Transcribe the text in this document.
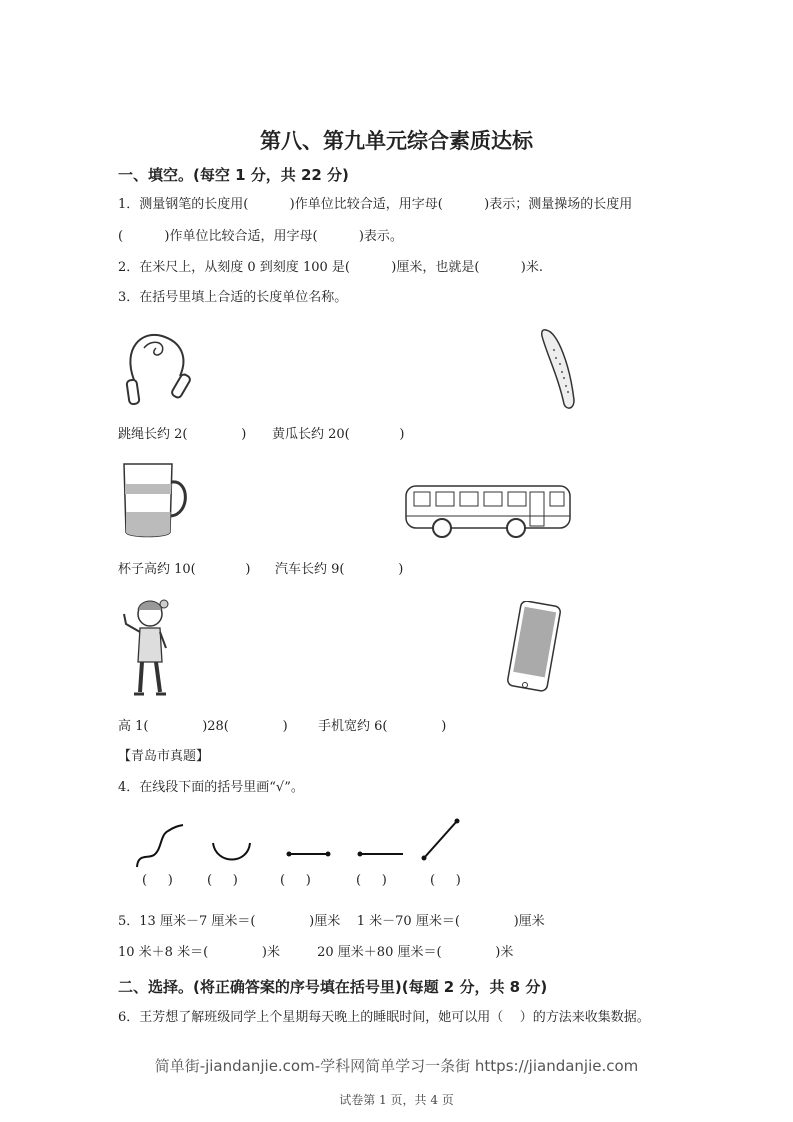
第八、第九单元综合素质达标
一、填空。(每空 1 分，共 22 分)
1．测量钢笔的长度用(          )作单位比较合适，用字母(          )表示；测量操场的长度用
(          )作单位比较合适，用字母(          )表示。
2．在米尺上，从刻度 0 到刻度 100 是(          )厘米，也就是(          )米.
3．在括号里填上合适的长度单位名称。
跳绳长约 2(             ) 黄瓜长约 20(            )
杯子高约 10(            ) 汽车长约 9(             )
高 1(             )28(             ) 手机宽约 6(             )
【青岛市真题】
4．在线段下面的括号里画“√”。
(     )	(     )	(     )	(     )	(     )
5．13 厘米－7 厘米＝(             )厘米    1 米－70 厘米＝(             )厘米
10 米＋8 米＝(             )米         20 厘米＋80 厘米＝(             )米
二、选择。(将正确答案的序号填在括号里)(每题 2 分，共 8 分)
6．王芳想了解班级同学上个星期每天晚上的睡眠时间，她可以用（    ）的方法来收集数据。
简单街-jiandanjie.com-学科网简单学习一条街 https://jiandanjie.com
试卷第 1 页，共 4 页
